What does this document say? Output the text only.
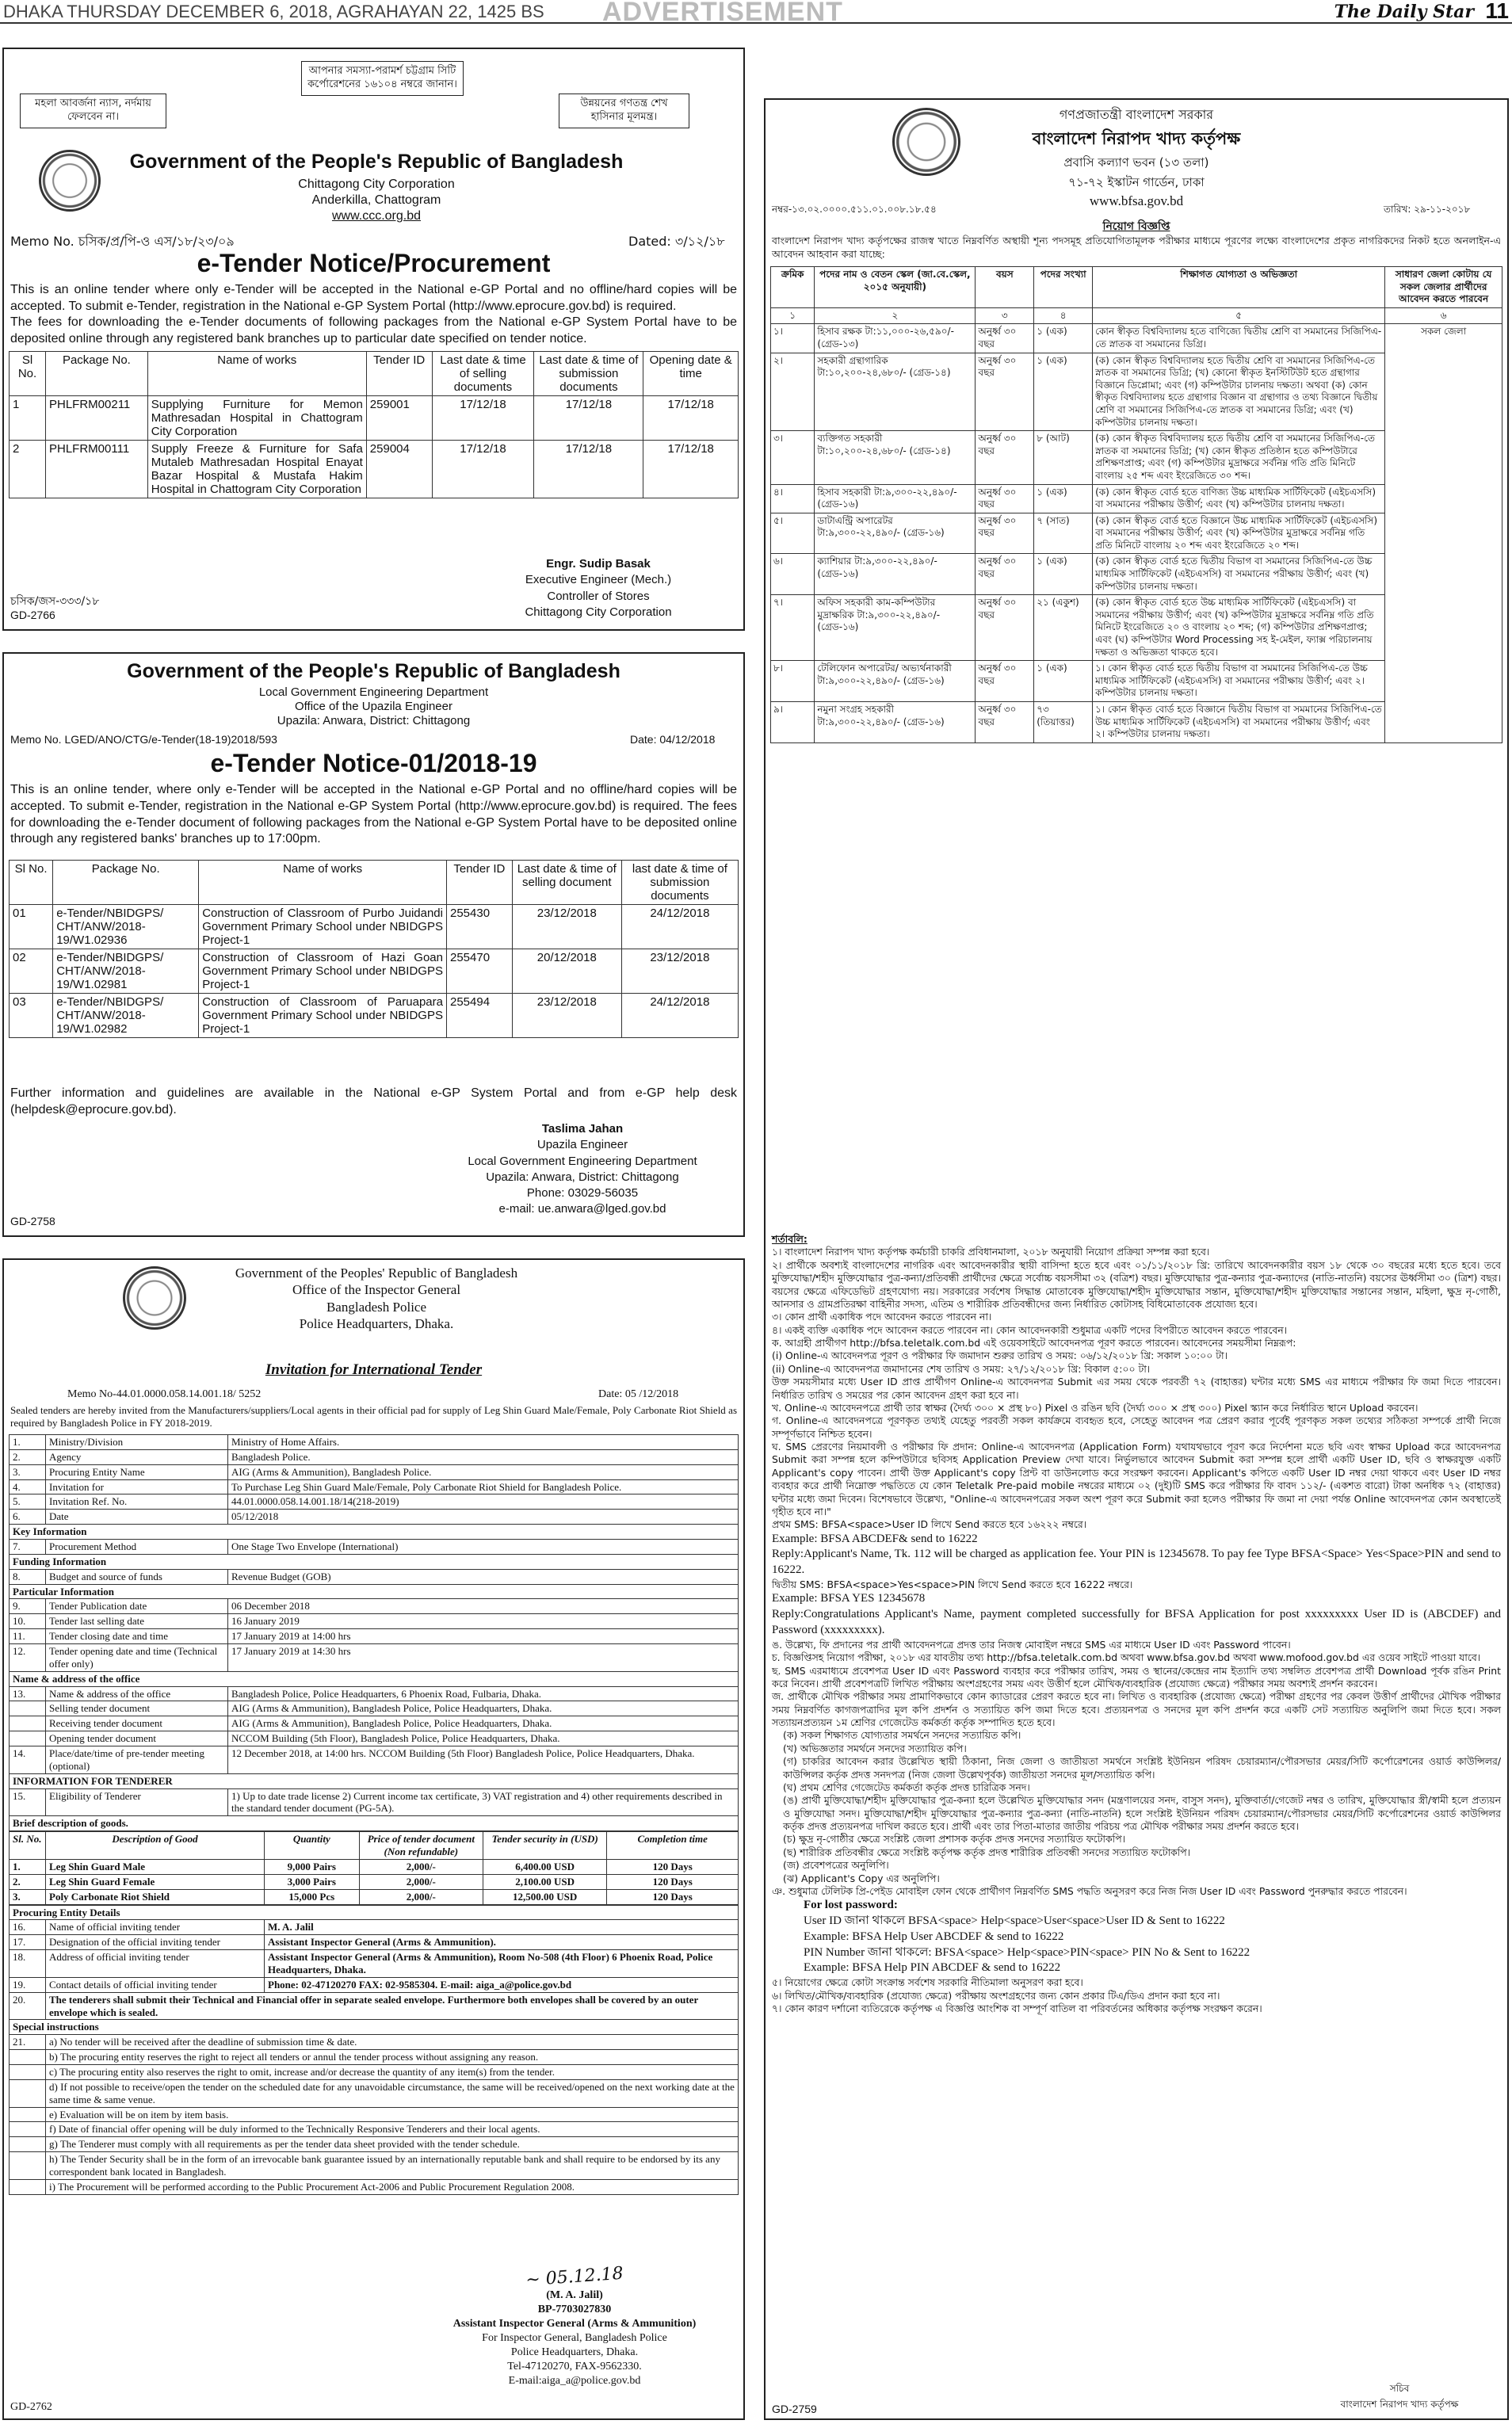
DHAKA THURSDAY DECEMBER 6, 2018, AGRAHAYAN 22, 1425 BS ADVERTISEMENT	The Daily Star 11
মহলা আবর্জনা ন্যাস, নর্দমায় ফেলবেন না।
আপনার সমস্যা-পরামর্শ চট্টগ্রাম সিটি কর্পোরেশনের ১৬১০৪ নম্বরে জানান।
উন্নয়নের গণতন্ত্র শেখ হাসিনার মূলমন্ত্র।
Government of the People's Republic of Bangladesh
Chittagong City Corporation
Anderkilla, Chattogram
www.ccc.org.bd
Memo No. চসিক/প্র/পি-ও এস/১৮/২৩/০৯	Dated: ৩/১২/১৮
e-Tender Notice/Procurement
This is an online tender where only e-Tender will be accepted in the National e-GP Portal and no offline/hard copies will be accepted. To submit e-Tender, registration in the National e-GP System Portal (http://www.eprocure.gov.bd) is required.
The fees for downloading the e-Tender documents of following packages from the National e-GP System Portal have to be deposited online through any registered bank branches up to particular date specified on tender notice.
Sl No.	Package No.	Name of works	Tender ID	Last date & time of selling documents	Last date & time of submission documents	Opening date & time
1	PHLFRM00211	Supplying Furniture for Memon Mathresadan Hospital in Chattogram City Corporation	259001	17/12/18	17/12/18	17/12/18
2	PHLFRM00111	Supply Freeze & Furniture for Safa Mutaleb Mathresadan Hospital Enayat Bazar Hospital & Mustafa Hakim Hospital in Chattogram City Corporation	259004	17/12/18	17/12/18	17/12/18
চসিক/জস-৩৩৩/১৮
Engr. Sudip Basak
Executive Engineer (Mech.)
Controller of Stores
Chittagong City Corporation
GD-2766
Government of the People's Republic of Bangladesh
Local Government Engineering Department
Office of the Upazila Engineer
Upazila: Anwara, District: Chittagong
Memo No. LGED/ANO/CTG/e-Tender(18-19)2018/593	Date: 04/12/2018
e-Tender Notice-01/2018-19
This is an online tender, where only e-Tender will be accepted in the National e-GP Portal and no offline/hard copies will be accepted. To submit e-Tender, registration in the National e-GP System Portal (http://www.eprocure.gov.bd) is required. The fees for downloading the e-Tender document of following packages from the National e-GP System Portal have to be deposited online through any registered banks' branches up to 17:00pm.
Sl No.	Package No.	Name of works	Tender ID	Last date & time of selling document	last date & time of submission documents
01	e-Tender/NBIDGPS/ CHT/ANW/2018-19/W1.02936	Construction of Classroom of Purbo Juidandi Government Primary School under NBIDGPS Project-1	255430	23/12/2018	24/12/2018
02	e-Tender/NBIDGPS/ CHT/ANW/2018-19/W1.02981	Construction of Classroom of Hazi Goan Government Primary School under NBIDGPS Project-1	255470	20/12/2018	23/12/2018
03	e-Tender/NBIDGPS/ CHT/ANW/2018-19/W1.02982	Construction of Classroom of Paruapara Government Primary School under NBIDGPS Project-1	255494	23/12/2018	24/12/2018
Further information and guidelines are available in the National e-GP System Portal and from e-GP help desk (helpdesk@eprocure.gov.bd).
Taslima Jahan
Upazila Engineer
Local Government Engineering Department
Upazila: Anwara, District: Chittagong
Phone: 03029-56035
e-mail: ue.anwara@lged.gov.bd
GD-2758
Government of the Peoples' Republic of Bangladesh
Office of the Inspector General
Bangladesh Police
Police Headquarters, Dhaka.
Invitation for International Tender
Memo No-44.01.0000.058.14.001.18/ 5252	Date: 05 /12/2018
Sealed tenders are hereby invited from the Manufacturers/suppliers/Local agents in their official pad for supply of Leg Shin Guard Male/Female, Poly Carbonate Riot Shield as required by Bangladesh Police in FY 2018-2019.
1.	Ministry/Division	Ministry of Home Affairs.
2.	Agency	Bangladesh Police.
3.	Procuring Entity Name	AIG (Arms & Ammunition), Bangladesh Police.
4.	Invitation for	To Purchase Leg Shin Guard Male/Female, Poly Carbonate Riot Shield for Bangladesh Police.
5.	Invitation Ref. No.	44.01.0000.058.14.001.18/14(218-2019)
6.	Date	05/12/2018
Key Information		
7.	Procurement Method	One Stage Two Envelope (International)
Funding Information		
8.	Budget and source of funds	Revenue Budget (GOB)
Particular Information		
9.	Tender Publication date	06 December 2018
10.	Tender last selling date	16 January 2019
11.	Tender closing date and time	17 January 2019 at 14:00 hrs
12.	Tender opening date and time (Technical offer only)	17 January 2019 at 14:30 hrs
Name & address of the office		
13.	Name & address of the office	Bangladesh Police, Police Headquarters, 6 Phoenix Road, Fulbaria, Dhaka.
	Selling tender document	AIG (Arms & Ammunition), Bangladesh Police, Police Headquarters, Dhaka.
	Receiving tender document	AIG (Arms & Ammunition), Bangladesh Police, Police Headquarters, Dhaka.
	Opening tender document	NCCOM Building (5th Floor), Bangladesh Police, Police Headquarters, Dhaka.
14.	Place/date/time of pre-tender meeting (optional)	12 December 2018, at 14:00 hrs. NCCOM Building (5th Floor) Bangladesh Police, Police Headquarters, Dhaka.
INFORMATION FOR TENDERER		
15.	Eligibility of Tenderer	1) Up to date trade license 2) Current income tax certificate, 3) VAT registration and 4) other requirements described in the standard tender document (PG-5A).
Brief description of goods.		
Sl. No.	Description of Good	Quantity	Price of tender document (Non refundable)	Tender security in (USD)	Completion time
1.	Leg Shin Guard Male	9,000 Pairs	2,000/-	6,400.00 USD	120 Days
2.	Leg Shin Guard Female	3,000 Pairs	2,000/-	2,100.00 USD	120 Days
3.	Poly Carbonate Riot Shield	15,000 Pcs	2,000/-	12,500.00 USD	120 Days
Procuring Entity Details		
16.	Name of official inviting tender	M. A. Jalil
17.	Designation of the official inviting tender	Assistant Inspector General (Arms & Ammunition).
18.	Address of official inviting tender	Assistant Inspector General (Arms & Ammunition), Room No-508 (4th Floor) 6 Phoenix Road, Police Headquarters, Dhaka.
19.	Contact details of official inviting tender	Phone: 02-47120270 FAX: 02-9585304. E-mail: aiga_a@police.gov.bd
20.	The tenderers shall submit their Technical and Financial offer in separate sealed envelope. Furthermore both envelopes shall be covered by an outer envelope which is sealed.	
Special instructions		
21.	a) No tender will be received after the deadline of submission time & date.	
	b) The procuring entity reserves the right to reject all tenders or annul the tender process without assigning any reason.	
	c) The procuring entity also reserves the right to omit, increase and/or decrease the quantity of any item(s) from the tender.	
	d) If not possible to receive/open the tender on the scheduled date for any unavoidable circumstance, the same will be received/opened on the next working date at the same time & same venue.	
	e) Evaluation will be on item by item basis.	
	f) Date of financial offer opening will be duly informed to the Technically Responsive Tenderers and their local agents.	
	g) The Tenderer must comply with all requirements as per the tender data sheet provided with the tender schedule.	
	h) The Tender Security shall be in the form of an irrevocable bank guarantee issued by an internationally reputable bank and shall require to be endorsed by its any correspondent bank located in Bangladesh.	
	i) The Procurement will be performed according to the Public Procurement Act-2006 and Public Procurement Regulation 2008.	
~ 05.12.18
(M. A. Jalil)
BP-7703027830
Assistant Inspector General (Arms & Ammunition)
For Inspector General, Bangladesh Police
Police Headquarters, Dhaka.
Tel-47120270, FAX-9562330.
E-mail:aiga_a@police.gov.bd
GD-2762
গণপ্রজাতন্ত্রী বাংলাদেশ সরকার
বাংলাদেশ নিরাপদ খাদ্য কর্তৃপক্ষ
প্রবাসি কল্যাণ ভবন (১৩ তলা)
৭১-৭২ ইস্কাটন গার্ডেন, ঢাকা
www.bfsa.gov.bd
নম্বর-১৩.০২.০০০০.৫১১.০১.০০৮.১৮.৫৪	তারিখ: ২৯-১১-২০১৮
নিয়োগ বিজ্ঞপ্তি
বাংলাদেশ নিরাপদ খাদ্য কর্তৃপক্ষের রাজস্ব খাতে নিম্নবর্ণিত অস্থায়ী শূন্য পদসমূহ প্রতিযোগিতামূলক পরীক্ষার মাধ্যমে পূরণের লক্ষ্যে বাংলাদেশের প্রকৃত নাগরিকদের নিকট হতে অনলাইন-এ আবেদন আহবান করা যাচ্ছে:
ক্রমিক	পদের নাম ও বেতন স্কেল (জা.বে.স্কেল, ২০১৫ অনুযায়ী)	বয়স	পদের সংখ্যা	শিক্ষাগত যোগ্যতা ও অভিজ্ঞতা	সাধারণ জেলা কোটায় যে সকল জেলার প্রার্থীদের আবেদন করতে পারবেন
১	২	৩	৪	৫	৬
১।	হিসাব রক্ষক টা:১১,০০০-২৬,৫৯০/- (গ্রেড-১৩)	অনুর্ধ্ব ৩০ বছর	১ (এক)	কোন স্বীকৃত বিশ্ববিদ্যালয় হতে বাণিজ্যে দ্বিতীয় শ্রেণি বা সমমানের সিজিপিএ-তে স্নাতক বা সমমানের ডিগ্রি।	সকল জেলা
২।	সহকারী গ্রন্থাগারিক টা:১০,২০০-২৪,৬৮০/- (গ্রেড-১৪)	অনুর্ধ্ব ৩০ বছর	১ (এক)	(ক) কোন স্বীকৃত বিশ্ববিদ্যালয় হতে দ্বিতীয় শ্রেণি বা সমমানের সিজিপিএ-তে স্নাতক বা সমমানের ডিগ্রি; (খ) কোনো স্বীকৃত ইনস্টিটিউট হতে গ্রন্থাগার বিজ্ঞানে ডিপ্লোমা; এবং (গ) কম্পিউটার চালনায় দক্ষতা। অথবা (ক) কোন স্বীকৃত বিশ্ববিদ্যালয় হতে গ্রন্থাগার বিজ্ঞান বা গ্রন্থাগার ও তথ্য বিজ্ঞানে দ্বিতীয় শ্রেণি বা সমমানের সিজিপিএ-তে স্নাতক বা সমমানের ডিগ্রি; এবং (খ) কম্পিউটার চালনায় দক্ষতা।	
৩।	ব্যক্তিগত সহকারী টা:১০,২০০-২৪,৬৮০/- (গ্রেড-১৪)	অনুর্ধ্ব ৩০ বছর	৮ (আট)	(ক) কোন স্বীকৃত বিশ্ববিদ্যালয় হতে দ্বিতীয় শ্রেণি বা সমমানের সিজিপিএ-তে স্নাতক বা সমমানের ডিগ্রি; (খ) কোন স্বীকৃত প্রতিষ্ঠান হতে কম্পিউটারে প্রশিক্ষণপ্রাপ্ত; এবং (গ) কম্পিউটার মুদ্রাক্ষরে সর্বনিম্ন গতি প্রতি মিনিটে বাংলায় ২৫ শব্দ এবং ইংরেজিতে ৩০ শব্দ।	
৪।	হিসাব সহকারী টা:৯,৩০০-২২,৪৯০/- (গ্রেড-১৬)	অনুর্ধ্ব ৩০ বছর	১ (এক)	(ক) কোন স্বীকৃত বোর্ড হতে বাণিজ্য উচ্চ মাধ্যমিক সার্টিফিকেট (এইচএসসি) বা সমমানের পরীক্ষায় উত্তীর্ণ; এবং (খ) কম্পিউটার চালনায় দক্ষতা।	
৫।	ডাটাএন্ট্রি অপারেটর টা:৯,৩০০-২২,৪৯০/- (গ্রেড-১৬)	অনুর্ধ্ব ৩০ বছর	৭ (সাত)	(ক) কোন স্বীকৃত বোর্ড হতে বিজ্ঞানে উচ্চ মাধ্যমিক সার্টিফিকেট (এইচএসসি) বা সমমানের পরীক্ষায় উত্তীর্ণ; এবং (খ) কম্পিউটার মুদ্রাক্ষরে সর্বনিম্ন গতি প্রতি মিনিটে বাংলায় ২০ শব্দ এবং ইংরেজিতে ২০ শব্দ।	
৬।	ক্যাশিয়ার টা:৯,৩০০-২২,৪৯০/- (গ্রেড-১৬)	অনুর্ধ্ব ৩০ বছর	১ (এক)	(ক) কোন স্বীকৃত বোর্ড হতে দ্বিতীয় বিভাগ বা সমমানের সিজিপিএ-তে উচ্চ মাধ্যমিক সার্টিফিকেট (এইচএসসি) বা সমমানের পরীক্ষায় উত্তীর্ণ; এবং (খ) কম্পিউটার চালনায় দক্ষতা।	
৭।	অফিস সহকারী কাম-কম্পিউটার মুদ্রাক্ষরিক টা:৯,৩০০-২২,৪৯০/- (গ্রেড-১৬)	অনুর্ধ্ব ৩০ বছর	২১ (একুশ)	(ক) কোন স্বীকৃত বোর্ড হতে উচ্চ মাধ্যমিক সার্টিফিকেট (এইচএসসি) বা সমমানের পরীক্ষায় উত্তীর্ণ; এবং (খ) কম্পিউটার মুদ্রাক্ষরে সর্বনিম্ন গতি প্রতি মিনিটে ইংরেজিতে ২০ ও বাংলায় ২০ শব্দ; (গ) কম্পিউটার প্রশিক্ষণপ্রাপ্ত; এবং (ঘ) কম্পিউটার Word Processing সহ ই-মেইল, ফ্যাক্স পরিচালনায় দক্ষতা ও অভিজ্ঞতা থাকতে হবে।	
৮।	টেলিফোন অপারেটর/ অভ্যর্থনাকারী টা:৯,৩০০-২২,৪৯০/- (গ্রেড-১৬)	অনুর্ধ্ব ৩০ বছর	১ (এক)	১। কোন স্বীকৃত বোর্ড হতে দ্বিতীয় বিভাগ বা সমমানের সিজিপিএ-তে উচ্চ মাধ্যমিক সার্টিফিকেট (এইচএসসি) বা সমমানের পরীক্ষায় উত্তীর্ণ; এবং ২। কম্পিউটার চালনায় দক্ষতা।	
৯।	নমুনা সংগ্রহ সহকারী টা:৯,৩০০-২২,৪৯০/- (গ্রেড-১৬)	অনুর্ধ্ব ৩০ বছর	৭৩ (তিয়াত্তর)	১। কোন স্বীকৃত বোর্ড হতে বিজ্ঞানে দ্বিতীয় বিভাগ বা সমমানের সিজিপিএ-তে উচ্চ মাধ্যমিক সার্টিফিকেট (এইচএসসি) বা সমমানের পরীক্ষায় উত্তীর্ণ; এবং ২। কম্পিউটার চালনায় দক্ষতা।	
শর্তাবলি:
১। বাংলাদেশ নিরাপদ খাদ্য কর্তৃপক্ষ কর্মচারী চাকরি প্রবিধানমালা, ২০১৮ অনুযায়ী নিয়োগ প্রক্রিয়া সম্পন্ন করা হবে।
২। প্রার্থীকে অবশ্যই বাংলাদেশের নাগরিক এবং আবেদনকারীর স্থায়ী বাসিন্দা হতে হবে এবং ০১/১১/২০১৮ খ্রি: তারিখে আবেদনকারীর বয়স ১৮ থেকে ৩০ বছরের মধ্যে হতে হবে। তবে মুক্তিযোদ্ধা/শহীদ মুক্তিযোদ্ধার পুত্র-কন্যা/প্রতিবন্ধী প্রার্থীদের ক্ষেত্রে সর্বোচ্চ বয়সসীমা ৩২ (বত্রিশ) বছর। মুক্তিযোদ্ধার পুত্র-কন্যার পুত্র-কন্যাদের (নাতি-নাতনি) বয়সের ঊর্ধ্বসীমা ৩০ (ত্রিশ) বছর। বয়সের ক্ষেত্রে এফিডেভিট গ্রহণযোগ্য নয়। সরকারের সর্বশেষ সিদ্ধান্ত মোতাবেক মুক্তিযোদ্ধা/শহীদ মুক্তিযোদ্ধার সন্তান, মুক্তিযোদ্ধা/শহীদ মুক্তিযোদ্ধার সন্তানের সন্তান, মহিলা, ক্ষুদ্র নৃ-গোষ্ঠী, আনসার ও গ্রামপ্রতিরক্ষা বাহিনীর সদস্য, এতিম ও শারীরিক প্রতিবন্ধীদের জন্য নির্ধারিত কোটাসহ বিধিমোতাবেক প্রযোজ্য হবে।
৩। কোন প্রার্থী একাধিক পদে আবেদন করতে পারবেন না।
৪। একই ব্যক্তি একাধিক পদে আবেদন করতে পারবেন না। কোন আবেদনকারী শুধুমাত্র একটি পদের বিপরীতে আবেদন করতে পারবেন।
ক. আগ্রহী প্রার্থীগণ http://bfsa.teletalk.com.bd এই ওয়েবসাইটে আবেদনপত্র পূরণ করতে পারবেন। আবেদনের সময়সীমা নিম্নরূপ:
(i) Online-এ আবেদনপত্র পূরণ ও পরীক্ষার ফি জমাদান শুরুর তারিখ ও সময়: ০৬/১২/২০১৮ খ্রি: সকাল ১০:০০ টা।
(ii) Online-এ আবেদনপত্র জমাদানের শেষ তারিখ ও সময়: ২৭/১২/২০১৮ খ্রি: বিকাল ৫:০০ টা।
উক্ত সময়সীমার মধ্যে User ID প্রাপ্ত প্রার্থীগণ Online-এ আবেদনপত্র Submit এর সময় থেকে পরবর্তী ৭২ (বাহাত্তর) ঘন্টার মধ্যে SMS এর মাধ্যমে পরীক্ষার ফি জমা দিতে পারবেন। নির্ধারিত তারিখ ও সময়ের পর কোন আবেদন গ্রহণ করা হবে না।
খ. Online-এ আবেদনপত্রে প্রার্থী তার স্বাক্ষর (দৈর্ঘ্য ৩০০ × প্রস্থ ৮০) Pixel ও রঙিন ছবি (দৈর্ঘ্য ৩০০ × প্রস্থ ৩০০) Pixel স্ক্যান করে নির্ধারিত স্থানে Upload করবেন।
গ. Online-এ আবেদনপত্রে পূরণকৃত তথ্যই যেহেতু পরবর্তী সকল কার্যক্রমে ব্যবহৃত হবে, সেহেতু আবেদন পত্র প্রেরণ করার পূর্বেই পূরণকৃত সকল তথ্যের সঠিকতা সম্পর্কে প্রার্থী নিজে সম্পূর্ণভাবে নিশ্চিত হবেন।
ঘ. SMS প্রেরণের নিয়মাবলী ও পরীক্ষার ফি প্রদান: Online-এ আবেদনপত্র (Application Form) যথাযথভাবে পূরণ করে নির্দেশনা মতে ছবি এবং স্বাক্ষর Upload করে আবেদনপত্র Submit করা সম্পন্ন হলে কম্পিউটারে ছবিসহ Application Preview দেখা যাবে। নির্ভুলভাবে আবেদন Submit করা সম্পন্ন হলে প্রার্থী একটি User ID, ছবি ও স্বাক্ষরযুক্ত একটি Applicant's copy পাবেন। প্রার্থী উক্ত Applicant's copy প্রিন্ট বা ডাউনলোড করে সংরক্ষণ করবেন। Applicant's কপিতে একটি User ID নম্বর দেয়া থাকবে এবং User ID নম্বর ব্যবহার করে প্রার্থী নিম্নোক্ত পদ্ধতিতে যে কোন Teletalk Pre-paid mobile নম্বরের মাধ্যমে ০২ (দুই)টি SMS করে পরীক্ষার ফি বাবদ ১১২/- (একশত বারো) টাকা অনধিক ৭২ (বাহাত্তর) ঘন্টার মধ্যে জমা দিবেন। বিশেষভাবে উল্লেখ্য, "Online-এ আবেদনপত্রের সকল অংশ পূরণ করে Submit করা হলেও পরীক্ষার ফি জমা না দেয়া পর্যন্ত Online আবেদনপত্র কোন অবস্থাতেই গৃহীত হবে না।"
প্রথম SMS: BFSA<space>User ID লিখে Send করতে হবে ১৬২২২ নম্বরে।
Example: BFSA ABCDEF& send to 16222
Reply:Applicant's Name, Tk. 112 will be charged as application fee. Your PIN is 12345678. To pay fee Type BFSA<Space> Yes<Space>PIN and send to 16222.
দ্বিতীয় SMS: BFSA<space>Yes<space>PIN লিখে Send করতে হবে 16222 নম্বরে।
Example: BFSA YES 12345678
Reply:Congratulations Applicant's Name, payment completed successfully for BFSA Application for post xxxxxxxxx User ID is (ABCDEF) and Password (xxxxxxxxx).
ঙ. উল্লেখ্য, ফি প্রদানের পর প্রার্থী আবেদনপত্রে প্রদত্ত তার নিজস্ব মোবাইল নম্বরে SMS এর মাধ্যমে User ID এবং Password পাবেন।
চ. বিজ্ঞপ্তিসহ নিয়োগ পরীক্ষা, ২০১৮ এর যাবতীয় তথ্য http://bfsa.teletalk.com.bd অথবা www.bfsa.gov.bd অথবা www.mofood.gov.bd এর ওয়েব সাইটে পাওয়া যাবে।
ছ. SMS এরমাধ্যমে প্রবেশপত্র User ID এবং Password ব্যবহার করে পরীক্ষার তারিখ, সময় ও স্থানের/কেন্দ্রের নাম ইত্যাদি তথ্য সম্বলিত প্রবেশপত্র প্রার্থী Download পূর্বক রঙিন Print করে নিবেন। প্রার্থী প্রবেশপত্রটি লিখিত পরীক্ষায় অংশগ্রহণের সময় এবং উত্তীর্ণ হলে মৌখিক/ব্যবহারিক (প্রযোজ্য ক্ষেত্রে) পরীক্ষার সময় অবশ্যই প্রদর্শন করবেন।
জ. প্রার্থীকে মৌখিক পরীক্ষার সময় প্রামাণিকভাবে কোন ক্যাডারের প্রেরণ করতে হবে না। লিখিত ও ব্যবহারিক (প্রযোজ্য ক্ষেত্রে) পরীক্ষা গ্রহণের পর কেবল উত্তীর্ণ প্রার্থীদের মৌখিক পরীক্ষার সময় নিম্নবর্ণিত কাগজপত্রাদির মূল কপি প্রদর্শন ও সত্যায়িত কপি জমা দিতে হবে। প্রত্যয়নপত্র ও সনদের মূল কপি প্রদর্শন করে একটি সেট সত্যায়িত অনুলিপি জমা দিতে হবে। সকল সত্যায়নপ্রত্যয়ন ১ম শ্রেণির গেজেটেড কর্মকর্তা কর্তৃক সম্পাদিত হতে হবে।
(ক) সকল শিক্ষাগত যোগ্যতার সমর্থনে সনদের সত্যায়িত কপি।
(খ) অভিজ্ঞতার সমর্থনে সনদের সত্যায়িত কপি।
(গ) চাকরির আবেদন করার উল্লেখিত স্থায়ী ঠিকানা, নিজ জেলা ও জাতীয়তা সমর্থনে সংশ্লিষ্ট ইউনিয়ন পরিষদ চেয়ারম্যান/পৌরসভার মেয়র/সিটি কর্পোরেশনের ওয়ার্ড কাউন্সিলর/কাউন্সিলর কর্তৃক প্রদত্ত সনদপত্র (নিজ জেলা উল্লেখপূর্বক) জাতীয়তা সনদের মূল/সত্যায়িত কপি।
(ঘ) প্রথম শ্রেণির গেজেটেড কর্মকর্তা কর্তৃক প্রদত্ত চারিত্রিক সনদ।
(ঙ) প্রার্থী মুক্তিযোদ্ধা/শহীদ মুক্তিযোদ্ধার পুত্র-কন্যা হলে উল্লেখিত মুক্তিযোদ্ধার সনদ (মন্ত্রণালয়ের সনদ, বাসুস সনদ), মুক্তিবার্তা/গেজেট নম্বর ও তারিখ, মুক্তিযোদ্ধার স্ত্রী/স্বামী হলে প্রত্যয়ন ও মুক্তিযোদ্ধা সনদ। মুক্তিযোদ্ধা/শহীদ মুক্তিযোদ্ধার পুত্র-কন্যার পুত্র-কন্যা (নাতি-নাতনি) হলে সংশ্লিষ্ট ইউনিয়ন পরিষদ চেয়ারম্যান/পৌরসভার মেয়র/সিটি কর্পোরেশনের ওয়ার্ড কাউন্সিলর কর্তৃক প্রদত্ত প্রত্যয়নপত্র দাখিল করতে হবে। প্রার্থী এবং তার পিতা-মাতার জাতীয় পরিচয় পত্র মৌখিক পরীক্ষার সময় প্রদর্শন করতে হবে।
(চ) ক্ষুদ্র নৃ-গোষ্ঠীর ক্ষেত্রে সংশ্লিষ্ট জেলা প্রশাসক কর্তৃক প্রদত্ত সনদের সত্যায়িত ফটোকপি।
(ছ) শারীরিক প্রতিবন্ধীর ক্ষেত্রে সংশ্লিষ্ট কর্তৃপক্ষ কর্তৃক প্রদত্ত শারীরিক প্রতিবন্ধী সনদের সত্যায়িত ফটোকপি।
(জ) প্রবেশপত্রের অনুলিপি।
(ঝ) Applicant's Copy এর অনুলিপি।
ঞ. শুধুমাত্র টেলিটক প্রি-পেইড মোবাইল ফোন থেকে প্রার্থীগণ নিম্নবর্ণিত SMS পদ্ধতি অনুসরণ করে নিজ নিজ User ID এবং Password পুনরুদ্ধার করতে পারবেন।
For lost password:
User ID জানা থাকলে BFSA<space> Help<space>User<space>User ID & Sent to 16222
Example: BFSA Help User ABCDEF & send to 16222
PIN Number জানা থাকলে: BFSA<space> Help<space>PIN<space> PIN No & Sent to 16222
Example: BFSA Help PIN ABCDEF & send to 16222
৫। নিয়োগের ক্ষেত্রে কোটা সংক্রান্ত সর্বশেষ সরকারি নীতিমালা অনুসরণ করা হবে।
৬। লিখিত/মৌখিক/ব্যবহারিক (প্রযোজ্য ক্ষেত্রে) পরীক্ষায় অংশগ্রহণের জন্য কোন প্রকার টিএ/ডিএ প্রদান করা হবে না।
৭। কোন কারণ দর্শানো ব্যতিরেকে কর্তৃপক্ষ এ বিজ্ঞপ্তি আংশিক বা সম্পূর্ণ বাতিল বা পরিবর্তনের অধিকার কর্তৃপক্ষ সংরক্ষণ করেন।
সচিব
বাংলাদেশ নিরাপদ খাদ্য কর্তৃপক্ষ
GD-2759
